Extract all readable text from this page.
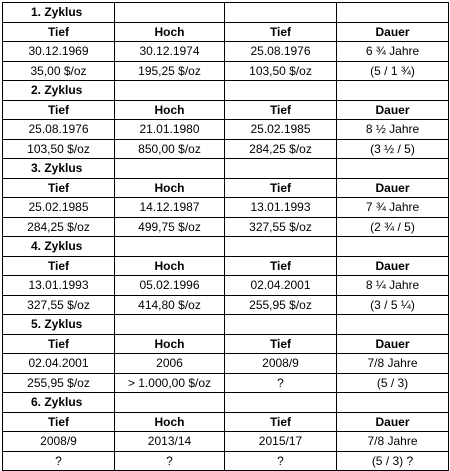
1. Zyklus			
Tief	Hoch	Tief	Dauer
30.12.1969	30.12.1974	25.08.1976	6 ¾ Jahre
35,00 $/oz	195,25 $/oz	103,50 $/oz	(5 / 1 ¾)
2. Zyklus			
Tief	Hoch	Tief	Dauer
25.08.1976	21.01.1980	25.02.1985	8 ½ Jahre
103,50 $/oz	850,00 $/oz	284,25 $/oz	(3 ½ / 5)
3. Zyklus			
Tief	Hoch	Tief	Dauer
25.02.1985	14.12.1987	13.01.1993	7 ¾ Jahre
284,25 $/oz	499,75 $/oz	327,55 $/oz	(2 ¾ / 5)
4. Zyklus			
Tief	Hoch	Tief	Dauer
13.01.1993	05.02.1996	02.04.2001	8 ¼ Jahre
327,55 $/oz	414,80 $/oz	255,95 $/oz	(3 / 5 ¼)
5. Zyklus			
Tief	Hoch	Tief	Dauer
02.04.2001	2006	2008/9	7/8 Jahre
255,95 $/oz	> 1.000,00 $/oz	?	(5 / 3)
6. Zyklus			
Tief	Hoch	Tief	Dauer
2008/9	2013/14	2015/17	7/8 Jahre
?	?	?	(5 / 3) ?
